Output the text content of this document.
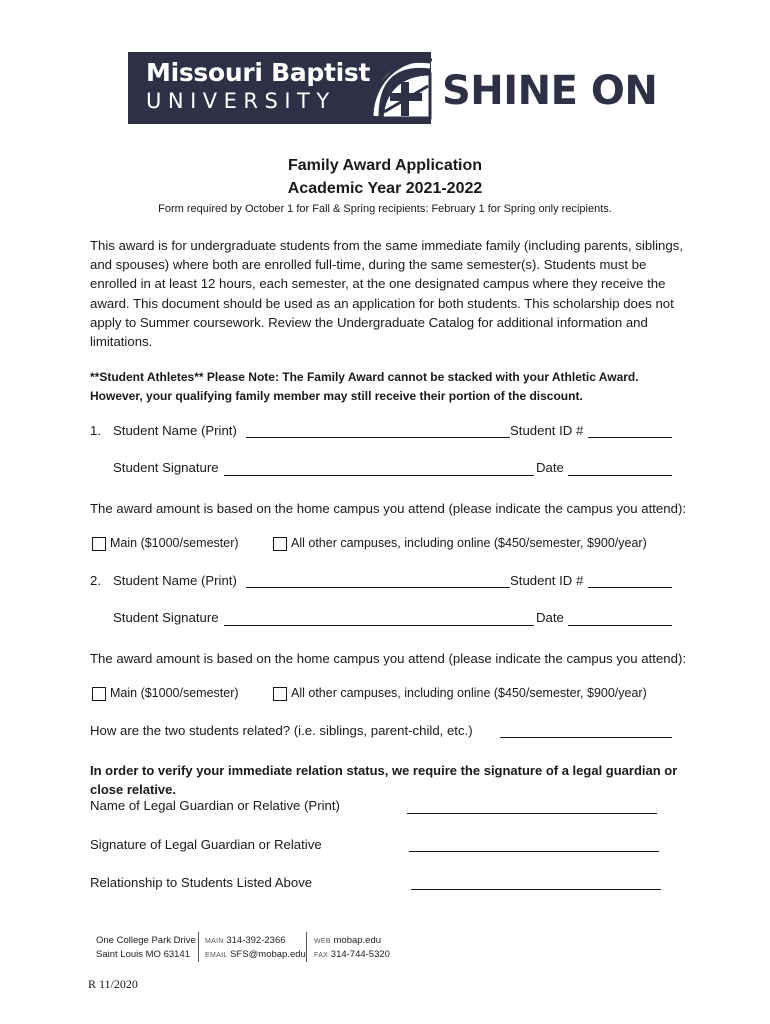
Missouri Baptist
UNIVERSITY	SHINE ON
Family Award Application
Academic Year 2021-2022
Form required by October 1 for Fall & Spring recipients: February 1 for Spring only recipients.
This award is for undergraduate students from the same immediate family (including parents, siblings, and spouses) where both are enrolled full-time, during the same semester(s). Students must be enrolled in at least 12 hours, each semester, at the one designated campus where they receive the award. This document should be used as an application for both students. This scholarship does not apply to Summer coursework. Review the Undergraduate Catalog for additional information and limitations.
**Student Athletes** Please Note: The Family Award cannot be stacked with your Athletic Award. However, your qualifying family member may still receive their portion of the discount.
1. Student Name (Print)	Student ID #
Student Signature	Date
The award amount is based on the home campus you attend (please indicate the campus you attend):
Main ($1000/semester)	All other campuses, including online ($450/semester, $900/year)
2. Student Name (Print)	Student ID #
Student Signature	Date
The award amount is based on the home campus you attend (please indicate the campus you attend):
Main ($1000/semester)	All other campuses, including online ($450/semester, $900/year)
How are the two students related? (i.e. siblings, parent-child, etc.)
In order to verify your immediate relation status, we require the signature of a legal guardian or close relative.
Name of Legal Guardian or Relative (Print)
Signature of Legal Guardian or Relative
Relationship to Students Listed Above
One College Park Drive
Saint Louis MO 63141
MAIN 314-392-2366
EMAIL SFS@mobap.edu
WEB mobap.edu
FAX 314-744-5320
R 11/2020
